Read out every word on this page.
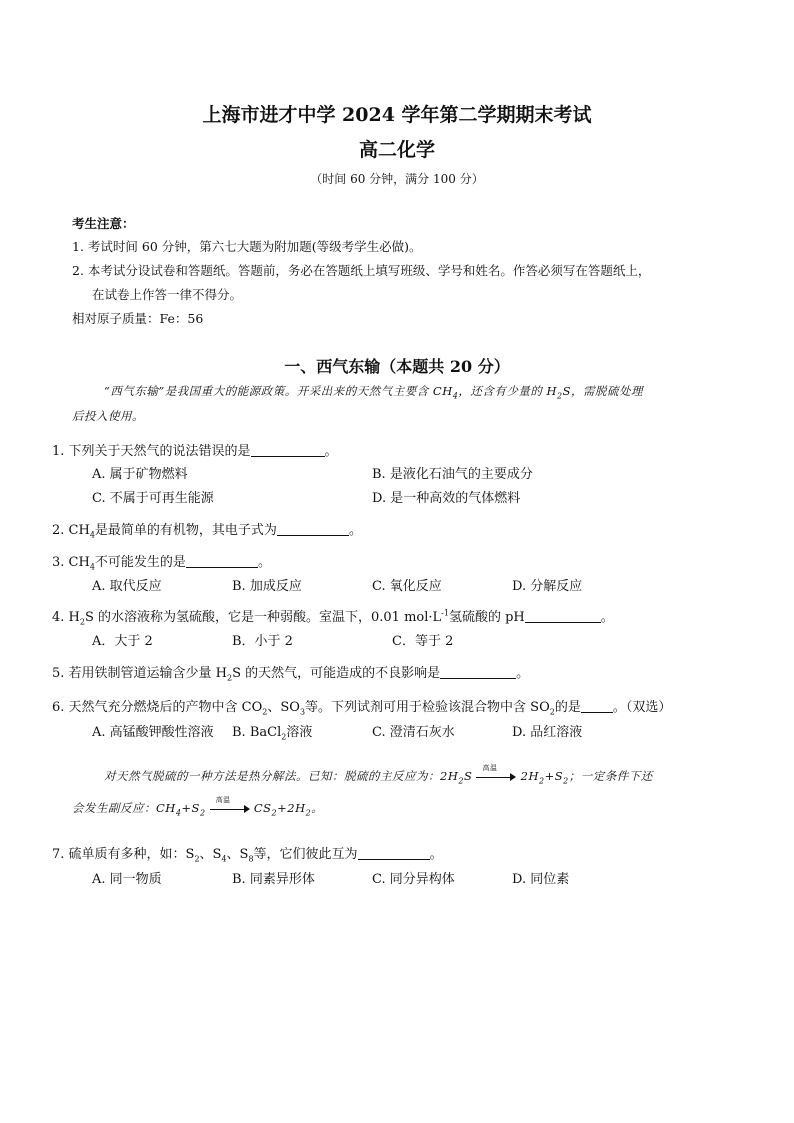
上海市进才中学 2024 学年第二学期期末考试
高二化学
（时间 60 分钟，满分 100 分）
考生注意：
1. 考试时间 60 分钟，第六七大题为附加题(等级考学生必做)。
2. 本考试分设试卷和答题纸。答题前，务必在答题纸上填写班级、学号和姓名。作答必须写在答题纸上，
在试卷上作答一律不得分。
相对原子质量：Fe：56
一、西气东输（本题共 20 分）
“西气东输”是我国重大的能源政策。开采出来的天然气主要含 $CH_4$，还含有少量的 $H_2S$，需脱硫处理
后投入使用。
1. 下列关于天然气的说法错误的是	。
A. 属于矿物燃料	B. 是液化石油气的主要成分
C. 不属于可再生能源	D. 是一种高效的气体燃料
2. $CH_4$是最简单的有机物，其电子式为	。
3. $CH_4$不可能发生的是	。
A. 取代反应	B. 加成反应	C. 氧化反应	D. 分解反应
4. $H_2S$ 的水溶液称为氢硫酸，它是一种弱酸。室温下，0.01 $mol\cdot L^{-1}$氢硫酸的 pH	。
A．大于 2	B．小于 2	C．等于 2
5. 若用铁制管道运输含少量 $H_2S$ 的天然气，可能造成的不良影响是	。
6. 天然气充分燃烧后的产物中含 $CO_2$、$SO_3$等。下列试剂可用于检验该混合物中含 $SO_2$的是 。（双选）
A. 高锰酸钾酸性溶液 B. BaCl$_2$溶液	C. 澄清石灰水	D. 品红溶液
对天然气脱硫的一种方法是热分解法。已知：脱硫的主反应为：$2H_2S$
高温
$2H_2+S_2$；一定条件下还
会发生副反应：$CH_4+S_2$
高温
$CS_2+2H_2$。
7. 硫单质有多种，如：$S_2$、$S_4$、$S_8$等，它们彼此互为	。
A. 同一物质	B. 同素异形体	C. 同分异构体	D. 同位素
